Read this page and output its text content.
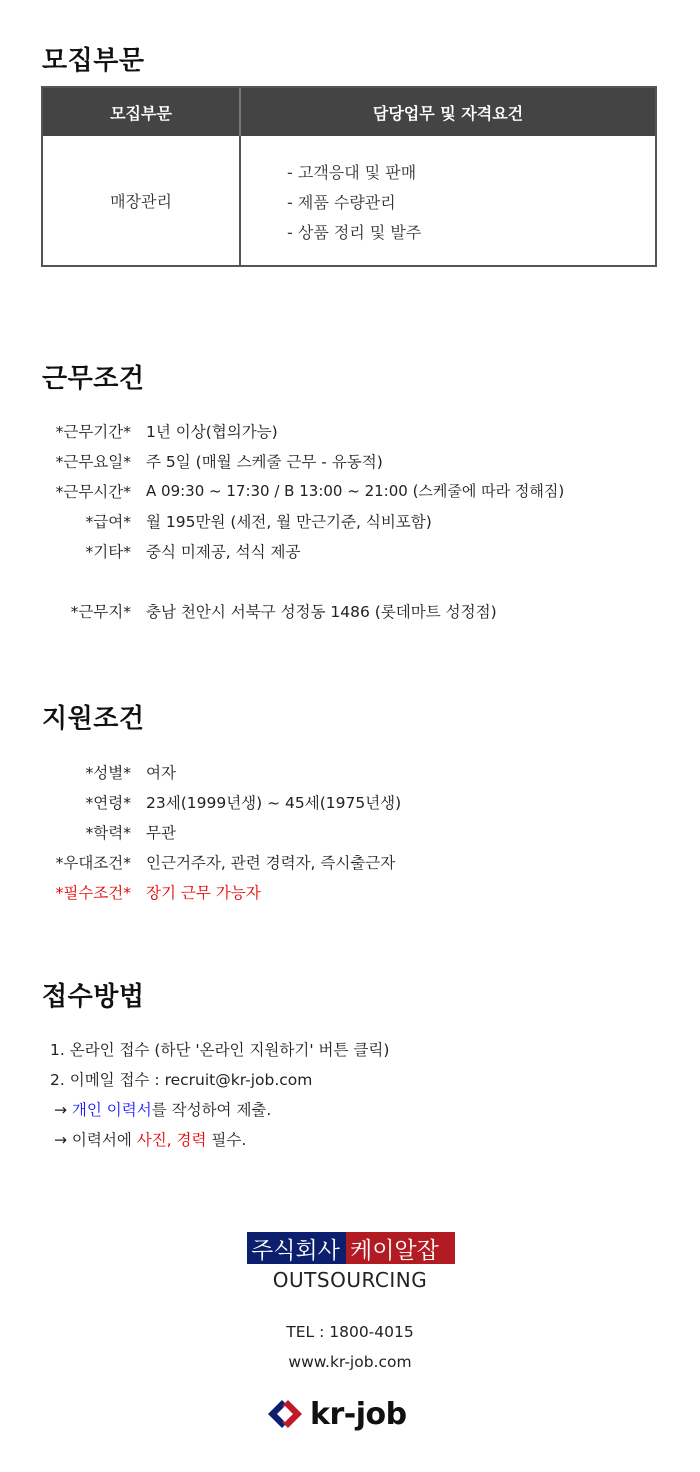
모집부문
모집부문	담당업무 및 자격요건
매장관리
- 고객응대 및 판매
- 제품 수량관리
- 상품 정리 및 발주
근무조건
*근무기간* 1년 이상(협의가능)
*근무요일* 주 5일 (매월 스케줄 근무 - 유동적)
*근무시간* A 09:30 ~ 17:30 / B 13:00 ~ 21:00 (스케줄에 따라 정해짐)
*급여* 월 195만원 (세전, 월 만근기준, 식비포함)
*기타* 중식 미제공, 석식 제공
*근무지* 충남 천안시 서북구 성정동 1486 (롯데마트 성정점)
지원조건
*성별* 여자
*연령* 23세(1999년생) ~ 45세(1975년생)
*학력* 무관
*우대조건* 인근거주자, 관련 경력자, 즉시출근자
*필수조건* 장기 근무 가능자
접수방법
1. 온라인 접수 (하단 '온라인 지원하기' 버튼 클릭)
2. 이메일 접수 : recruit@kr-job.com
→ 개인 이력서를 작성하여 제출.
→ 이력서에 사진, 경력 필수.
주식회사 케이알잡
OUTSOURCING
TEL : 1800-4015
www.kr-job.com
kr-job
